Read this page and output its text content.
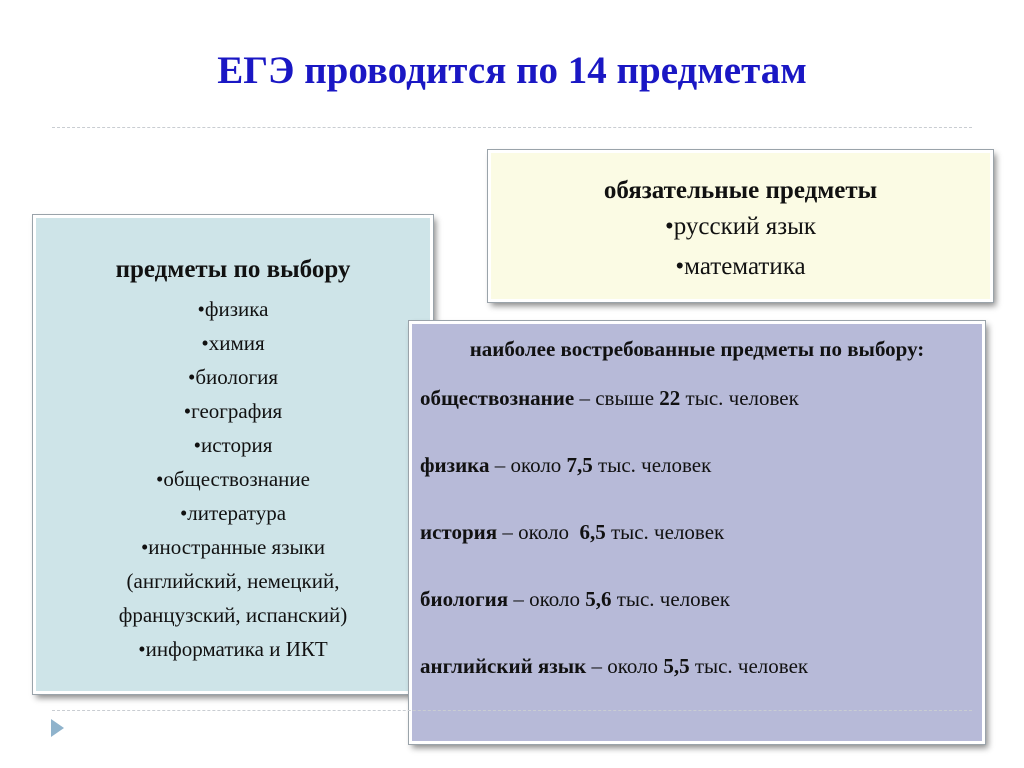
ЕГЭ проводится по 14 предметам
обязательные предметы
•русский язык
•математика
предметы по выбору
•физика
•химия
•биология
•география
•история
•обществознание
•литература
•иностранные языки
(английский, немецкий,
французский, испанский)
•информатика и ИКТ
наиболее востребованные предметы по выбору:
обществознание – свыше 22 тыс. человек
физика – около 7,5 тыс. человек
история – около  6,5 тыс. человек
биология – около 5,6 тыс. человек
английский язык – около 5,5 тыс. человек
